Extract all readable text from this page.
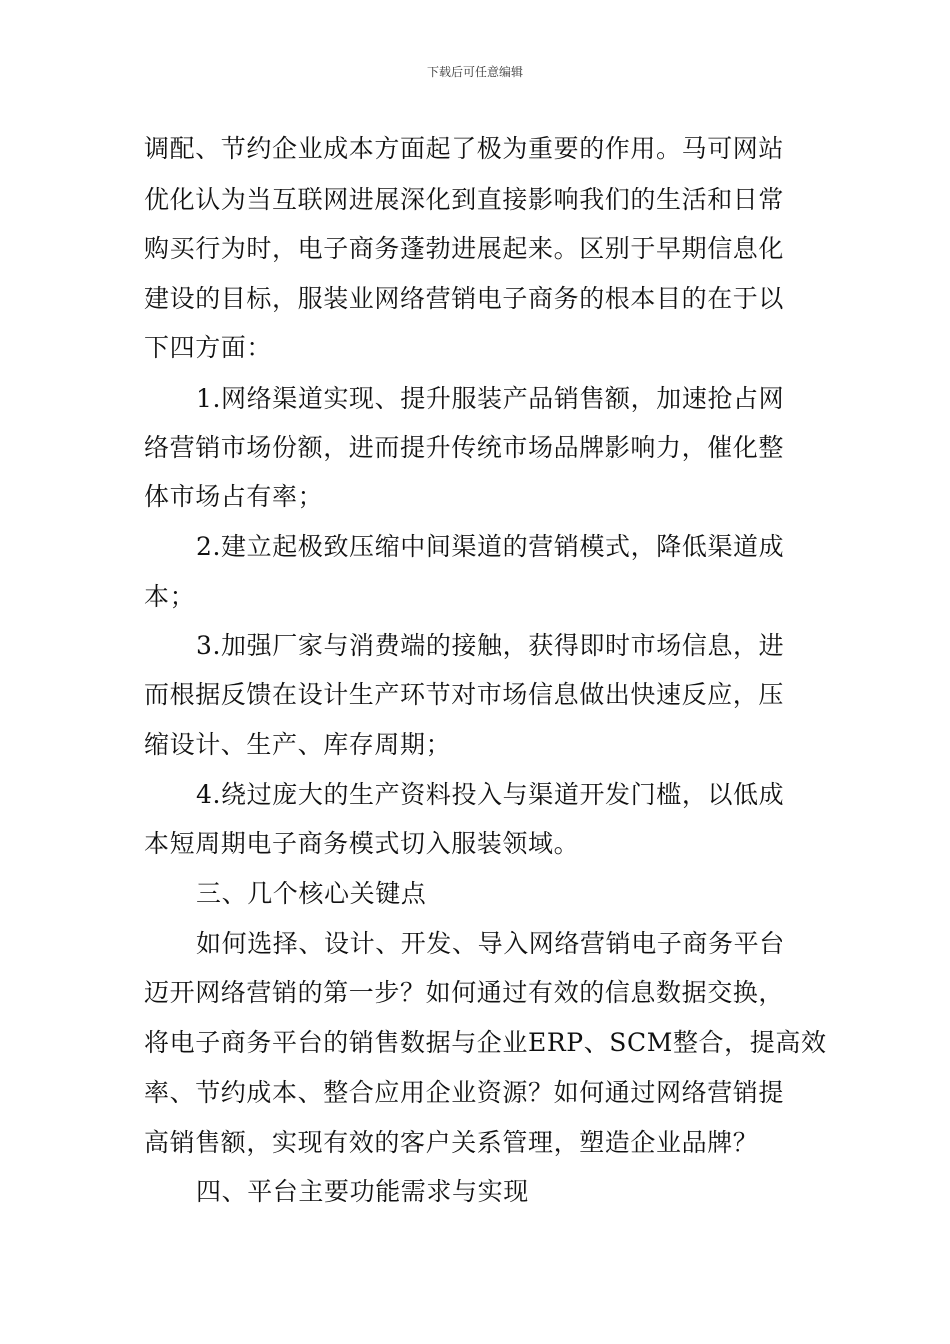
下载后可任意编辑
调配、节约企业成本方面起了极为重要的作用。马可网站
优化认为当互联网进展深化到直接影响我们的生活和日常
购买行为时，电子商务蓬勃进展起来。区别于早期信息化
建设的目标，服装业网络营销电子商务的根本目的在于以
下四方面：
1.网络渠道实现、提升服装产品销售额，加速抢占网
络营销市场份额，进而提升传统市场品牌影响力，催化整
体市场占有率；
2.建立起极致压缩中间渠道的营销模式，降低渠道成
本；
3.加强厂家与消费端的接触，获得即时市场信息，进
而根据反馈在设计生产环节对市场信息做出快速反应，压
缩设计、生产、库存周期；
4.绕过庞大的生产资料投入与渠道开发门槛，以低成
本短周期电子商务模式切入服装领域。
三、几个核心关键点
如何选择、设计、开发、导入网络营销电子商务平台
迈开网络营销的第一步？如何通过有效的信息数据交换，
将电子商务平台的销售数据与企业ERP、SCM整合，提高效
率、节约成本、整合应用企业资源？如何通过网络营销提
高销售额，实现有效的客户关系管理，塑造企业品牌？
四、平台主要功能需求与实现
